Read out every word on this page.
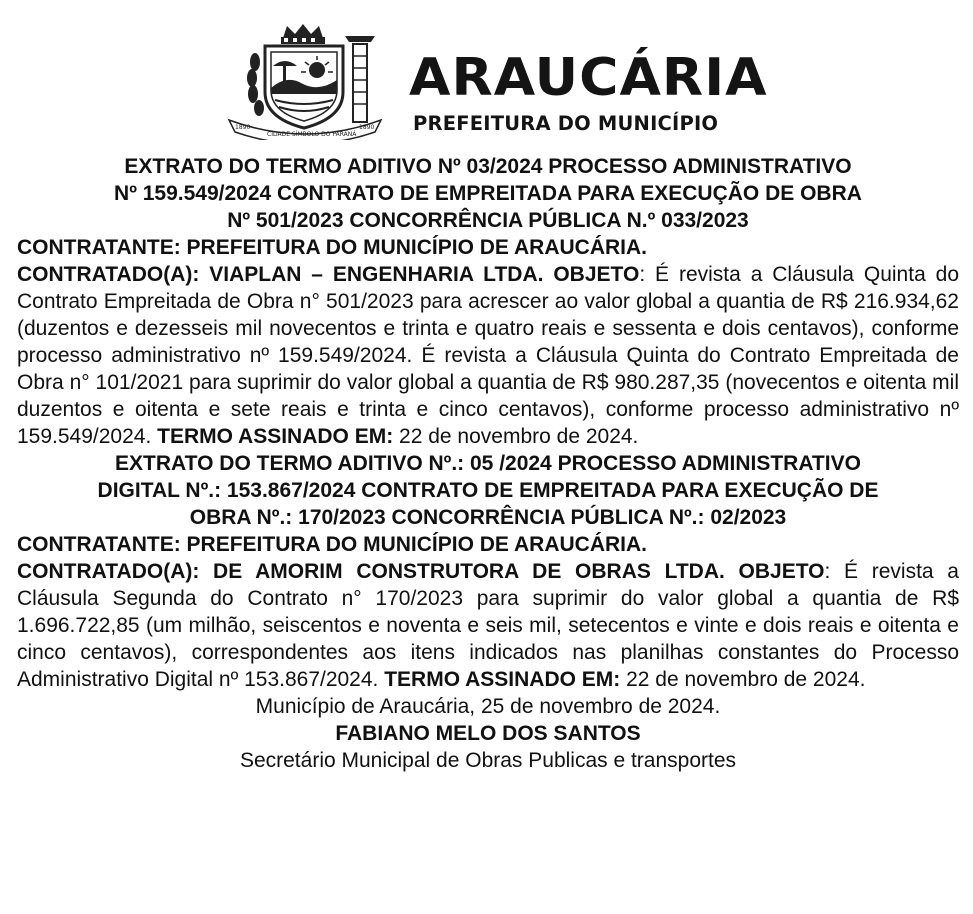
1890
CIDADE SÍMBOLO DO PARANÁ
1890
ARAUCÁRIA
PREFEITURA DO MUNICÍPIO

EXTRATO DO TERMO ADITIVO Nº 03/2024 PROCESSO ADMINISTRATIVO

Nº 159.549/2024 CONTRATO DE EMPREITADA PARA EXECUÇÃO DE OBRA

Nº 501/2023 CONCORRÊNCIA PÚBLICA N.º 033/2023

CONTRATANTE: PREFEITURA DO MUNICÍPIO DE ARAUCÁRIA.

CONTRATADO(A): VIAPLAN – ENGENHARIA LTDA. OBJETO: É revista a Cláusula Quinta do Contrato Empreitada de Obra n° 501/2023 para acrescer ao valor global a quantia de R$ 216.934,62 (duzentos e dezesseis mil novecentos e trinta e quatro reais e sessenta e dois centavos), conforme processo administrativo nº 159.549/2024. É revista a Cláusula Quinta do Contrato Empreitada de Obra n° 101/2021 para suprimir do valor global a quantia de R$ 980.287,35 (novecentos e oitenta mil duzentos e oitenta e sete reais e trinta e cinco centavos), conforme processo administrativo nº 159.549/2024. TERMO ASSINADO EM: 22 de novembro de 2024.

EXTRATO DO TERMO ADITIVO Nº.: 05 /2024 PROCESSO ADMINISTRATIVO

DIGITAL Nº.: 153.867/2024 CONTRATO DE EMPREITADA PARA EXECUÇÃO DE

OBRA Nº.: 170/2023 CONCORRÊNCIA PÚBLICA Nº.: 02/2023

CONTRATANTE: PREFEITURA DO MUNICÍPIO DE ARAUCÁRIA.

CONTRATADO(A): DE AMORIM CONSTRUTORA DE OBRAS LTDA. OBJETO: É revista a Cláusula Segunda do Contrato n° 170/2023 para suprimir do valor global a quantia de R$ 1.696.722,85 (um milhão, seiscentos e noventa e seis mil, setecentos e vinte e dois reais e oitenta e cinco centavos), correspondentes aos itens indicados nas planilhas constantes do Processo Administrativo Digital nº 153.867/2024. TERMO ASSINADO EM: 22 de novembro de 2024.

Município de Araucária, 25 de novembro de 2024.

FABIANO MELO DOS SANTOS

Secretário Municipal de Obras Publicas e transportes
